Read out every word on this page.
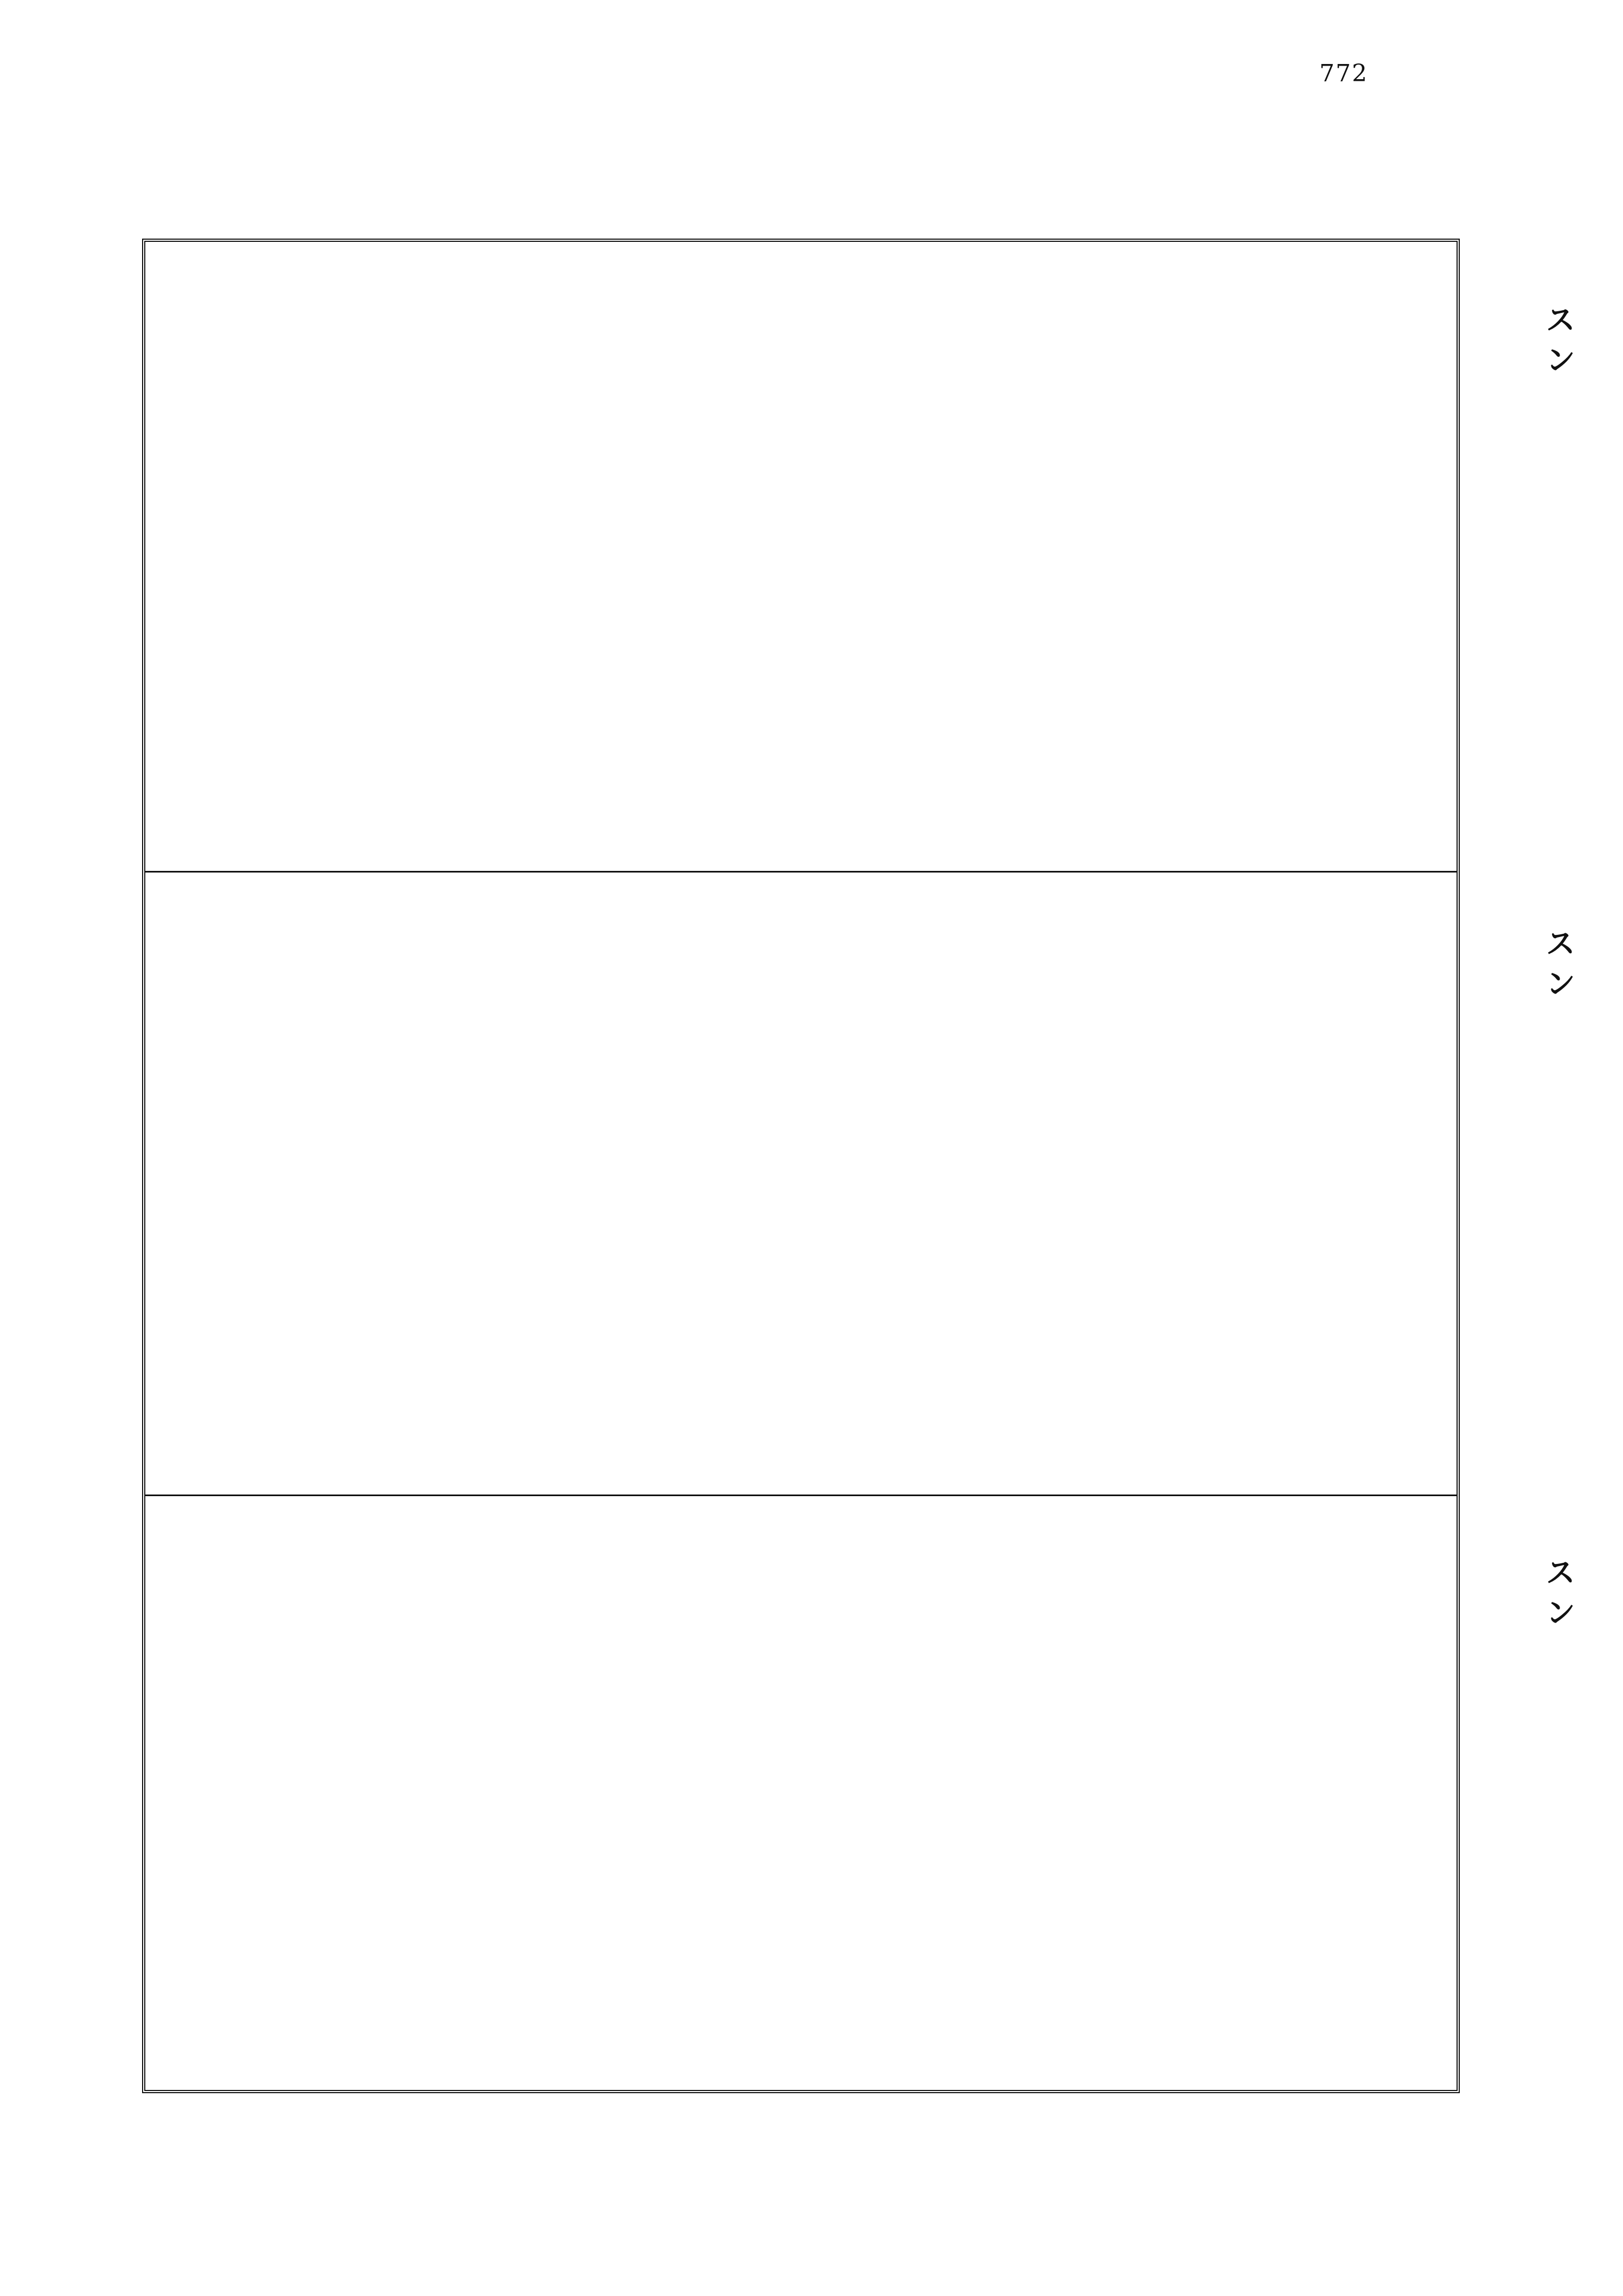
772
スン
スン
スン
